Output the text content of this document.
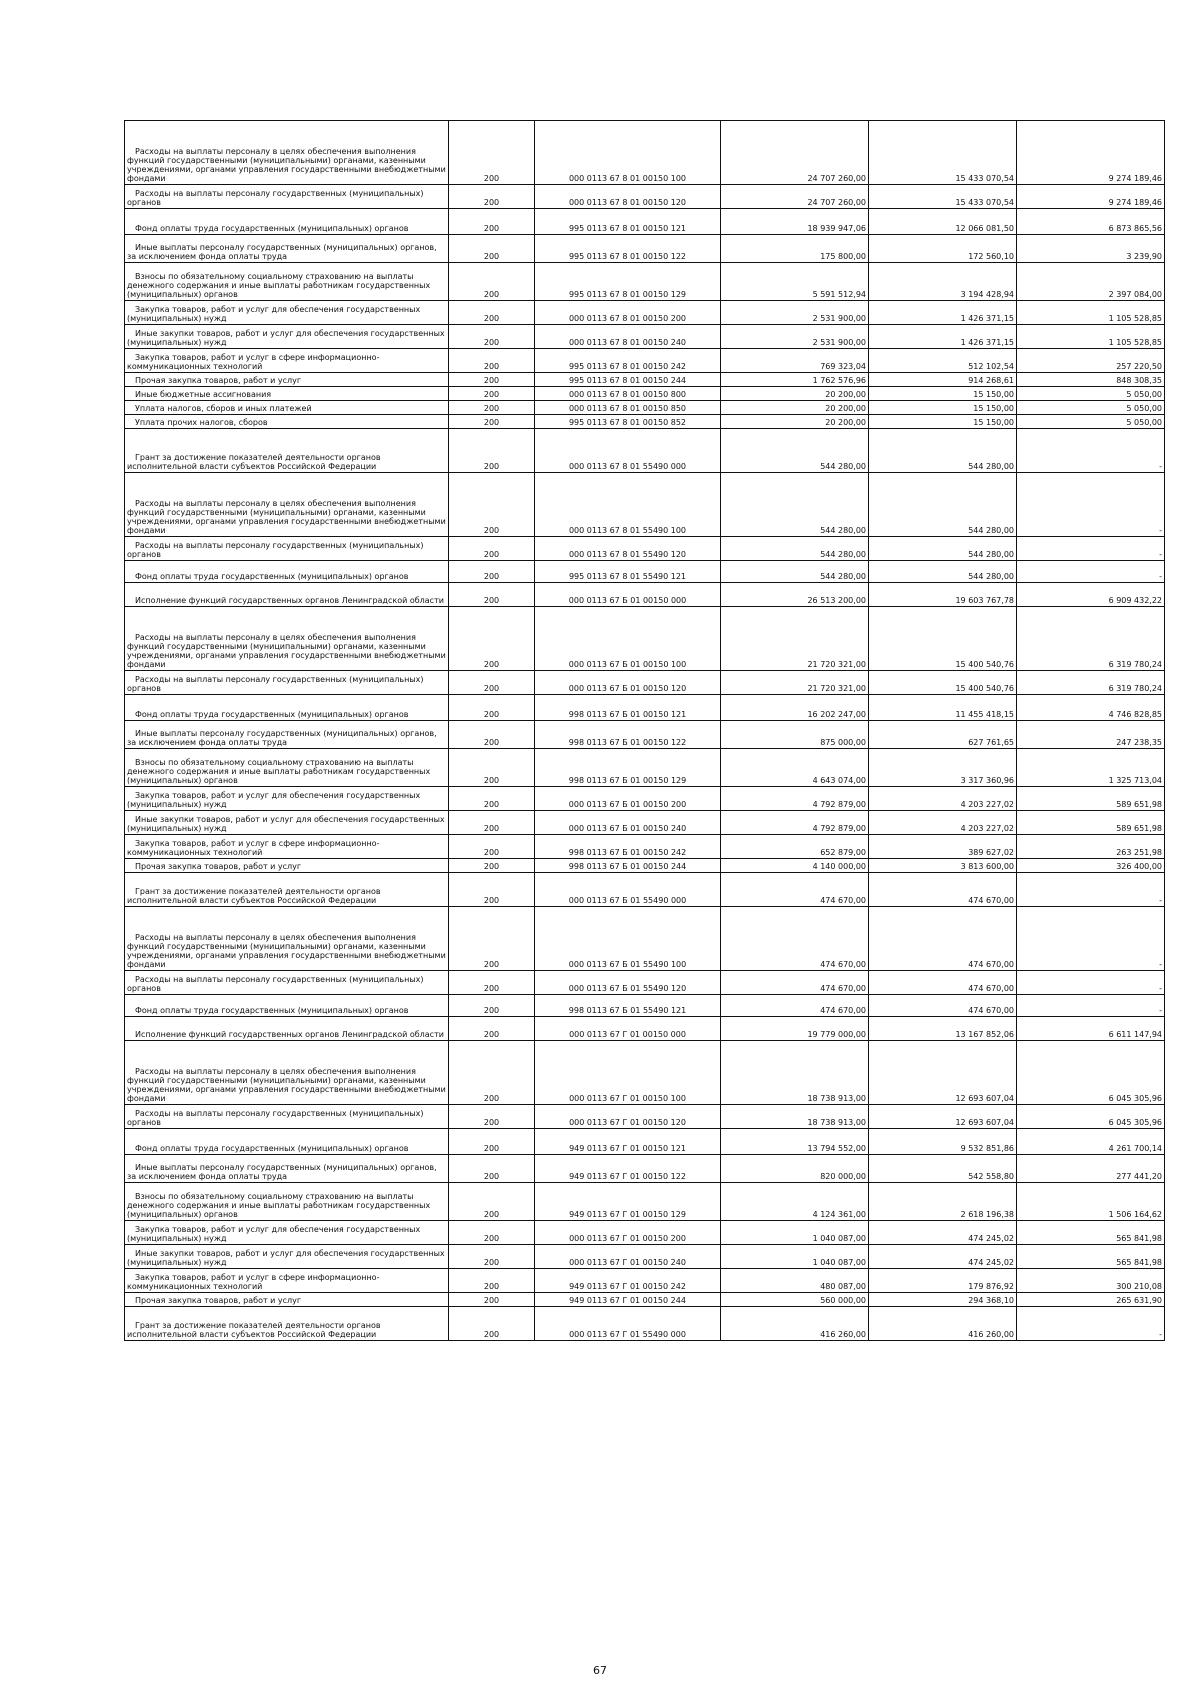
Расходы на выплаты персоналу в целях обеспечения выполнения функций государственными (муниципальными) органами, казенными учреждениями, органами управления государственными внебюджетными фондами	200	000 0113 67 8 01 00150 100	24 707 260,00	15 433 070,54	9 274 189,46
Расходы на выплаты персоналу государственных (муниципальных) органов	200	000 0113 67 8 01 00150 120	24 707 260,00	15 433 070,54	9 274 189,46
Фонд оплаты труда государственных (муниципальных) органов	200	995 0113 67 8 01 00150 121	18 939 947,06	12 066 081,50	6 873 865,56
Иные выплаты персоналу государственных (муниципальных) органов, за исключением фонда оплаты труда	200	995 0113 67 8 01 00150 122	175 800,00	172 560,10	3 239,90
Взносы по обязательному социальному страхованию на выплаты денежного содержания и иные выплаты работникам государственных (муниципальных) органов	200	995 0113 67 8 01 00150 129	5 591 512,94	3 194 428,94	2 397 084,00
Закупка товаров, работ и услуг для обеспечения государственных (муниципальных) нужд	200	000 0113 67 8 01 00150 200	2 531 900,00	1 426 371,15	1 105 528,85
Иные закупки товаров, работ и услуг для обеспечения государственных (муниципальных) нужд	200	000 0113 67 8 01 00150 240	2 531 900,00	1 426 371,15	1 105 528,85
Закупка товаров, работ и услуг в сфере информационно-коммуникационных технологий	200	995 0113 67 8 01 00150 242	769 323,04	512 102,54	257 220,50
Прочая закупка товаров, работ и услуг	200	995 0113 67 8 01 00150 244	1 762 576,96	914 268,61	848 308,35
Иные бюджетные ассигнования	200	000 0113 67 8 01 00150 800	20 200,00	15 150,00	5 050,00
Уплата налогов, сборов и иных платежей	200	000 0113 67 8 01 00150 850	20 200,00	15 150,00	5 050,00
Уплата прочих налогов, сборов	200	995 0113 67 8 01 00150 852	20 200,00	15 150,00	5 050,00
Грант за достижение показателей деятельности органов исполнительной власти субъектов Российской Федерации	200	000 0113 67 8 01 55490 000	544 280,00	544 280,00	-
Расходы на выплаты персоналу в целях обеспечения выполнения функций государственными (муниципальными) органами, казенными учреждениями, органами управления государственными внебюджетными фондами	200	000 0113 67 8 01 55490 100	544 280,00	544 280,00	-
Расходы на выплаты персоналу государственных (муниципальных) органов	200	000 0113 67 8 01 55490 120	544 280,00	544 280,00	-
Фонд оплаты труда государственных (муниципальных) органов	200	995 0113 67 8 01 55490 121	544 280,00	544 280,00	-
Исполнение функций государственных органов Ленинградской области	200	000 0113 67 Б 01 00150 000	26 513 200,00	19 603 767,78	6 909 432,22
Расходы на выплаты персоналу в целях обеспечения выполнения функций государственными (муниципальными) органами, казенными учреждениями, органами управления государственными внебюджетными фондами	200	000 0113 67 Б 01 00150 100	21 720 321,00	15 400 540,76	6 319 780,24
Расходы на выплаты персоналу государственных (муниципальных) органов	200	000 0113 67 Б 01 00150 120	21 720 321,00	15 400 540,76	6 319 780,24
Фонд оплаты труда государственных (муниципальных) органов	200	998 0113 67 Б 01 00150 121	16 202 247,00	11 455 418,15	4 746 828,85
Иные выплаты персоналу государственных (муниципальных) органов, за исключением фонда оплаты труда	200	998 0113 67 Б 01 00150 122	875 000,00	627 761,65	247 238,35
Взносы по обязательному социальному страхованию на выплаты денежного содержания и иные выплаты работникам государственных (муниципальных) органов	200	998 0113 67 Б 01 00150 129	4 643 074,00	3 317 360,96	1 325 713,04
Закупка товаров, работ и услуг для обеспечения государственных (муниципальных) нужд	200	000 0113 67 Б 01 00150 200	4 792 879,00	4 203 227,02	589 651,98
Иные закупки товаров, работ и услуг для обеспечения государственных (муниципальных) нужд	200	000 0113 67 Б 01 00150 240	4 792 879,00	4 203 227,02	589 651,98
Закупка товаров, работ и услуг в сфере информационно-коммуникационных технологий	200	998 0113 67 Б 01 00150 242	652 879,00	389 627,02	263 251,98
Прочая закупка товаров, работ и услуг	200	998 0113 67 Б 01 00150 244	4 140 000,00	3 813 600,00	326 400,00
Грант за достижение показателей деятельности органов исполнительной власти субъектов Российской Федерации	200	000 0113 67 Б 01 55490 000	474 670,00	474 670,00	-
Расходы на выплаты персоналу в целях обеспечения выполнения функций государственными (муниципальными) органами, казенными учреждениями, органами управления государственными внебюджетными фондами	200	000 0113 67 Б 01 55490 100	474 670,00	474 670,00	-
Расходы на выплаты персоналу государственных (муниципальных) органов	200	000 0113 67 Б 01 55490 120	474 670,00	474 670,00	-
Фонд оплаты труда государственных (муниципальных) органов	200	998 0113 67 Б 01 55490 121	474 670,00	474 670,00	-
Исполнение функций государственных органов Ленинградской области	200	000 0113 67 Г 01 00150 000	19 779 000,00	13 167 852,06	6 611 147,94
Расходы на выплаты персоналу в целях обеспечения выполнения функций государственными (муниципальными) органами, казенными учреждениями, органами управления государственными внебюджетными фондами	200	000 0113 67 Г 01 00150 100	18 738 913,00	12 693 607,04	6 045 305,96
Расходы на выплаты персоналу государственных (муниципальных) органов	200	000 0113 67 Г 01 00150 120	18 738 913,00	12 693 607,04	6 045 305,96
Фонд оплаты труда государственных (муниципальных) органов	200	949 0113 67 Г 01 00150 121	13 794 552,00	9 532 851,86	4 261 700,14
Иные выплаты персоналу государственных (муниципальных) органов, за исключением фонда оплаты труда	200	949 0113 67 Г 01 00150 122	820 000,00	542 558,80	277 441,20
Взносы по обязательному социальному страхованию на выплаты денежного содержания и иные выплаты работникам государственных (муниципальных) органов	200	949 0113 67 Г 01 00150 129	4 124 361,00	2 618 196,38	1 506 164,62
Закупка товаров, работ и услуг для обеспечения государственных (муниципальных) нужд	200	000 0113 67 Г 01 00150 200	1 040 087,00	474 245,02	565 841,98
Иные закупки товаров, работ и услуг для обеспечения государственных (муниципальных) нужд	200	000 0113 67 Г 01 00150 240	1 040 087,00	474 245,02	565 841,98
Закупка товаров, работ и услуг в сфере информационно-коммуникационных технологий	200	949 0113 67 Г 01 00150 242	480 087,00	179 876,92	300 210,08
Прочая закупка товаров, работ и услуг	200	949 0113 67 Г 01 00150 244	560 000,00	294 368,10	265 631,90
Грант за достижение показателей деятельности органов исполнительной власти субъектов Российской Федерации	200	000 0113 67 Г 01 55490 000	416 260,00	416 260,00	-
67
